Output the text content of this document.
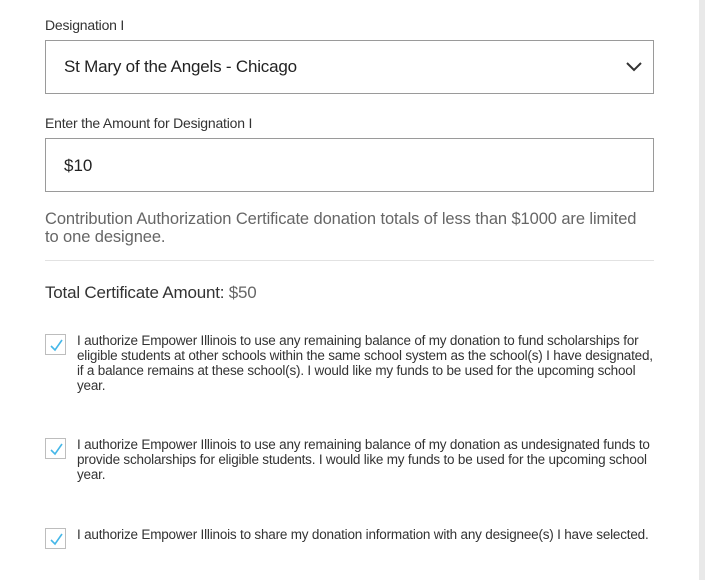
Designation I
St Mary of the Angels - Chicago
Enter the Amount for Designation I
$10
Contribution Authorization Certificate donation totals of less than $1000 are limited to one designee.
Total Certificate Amount: $50
I authorize Empower Illinois to use any remaining balance of my donation to fund scholarships for eligible students at other schools within the same school system as the school(s) I have designated, if a balance remains at these school(s). I would like my funds to be used for the upcoming school year.
I authorize Empower Illinois to use any remaining balance of my donation as undesignated funds to provide scholarships for eligible students. I would like my funds to be used for the upcoming school year.
I authorize Empower Illinois to share my donation information with any designee(s) I have selected.
